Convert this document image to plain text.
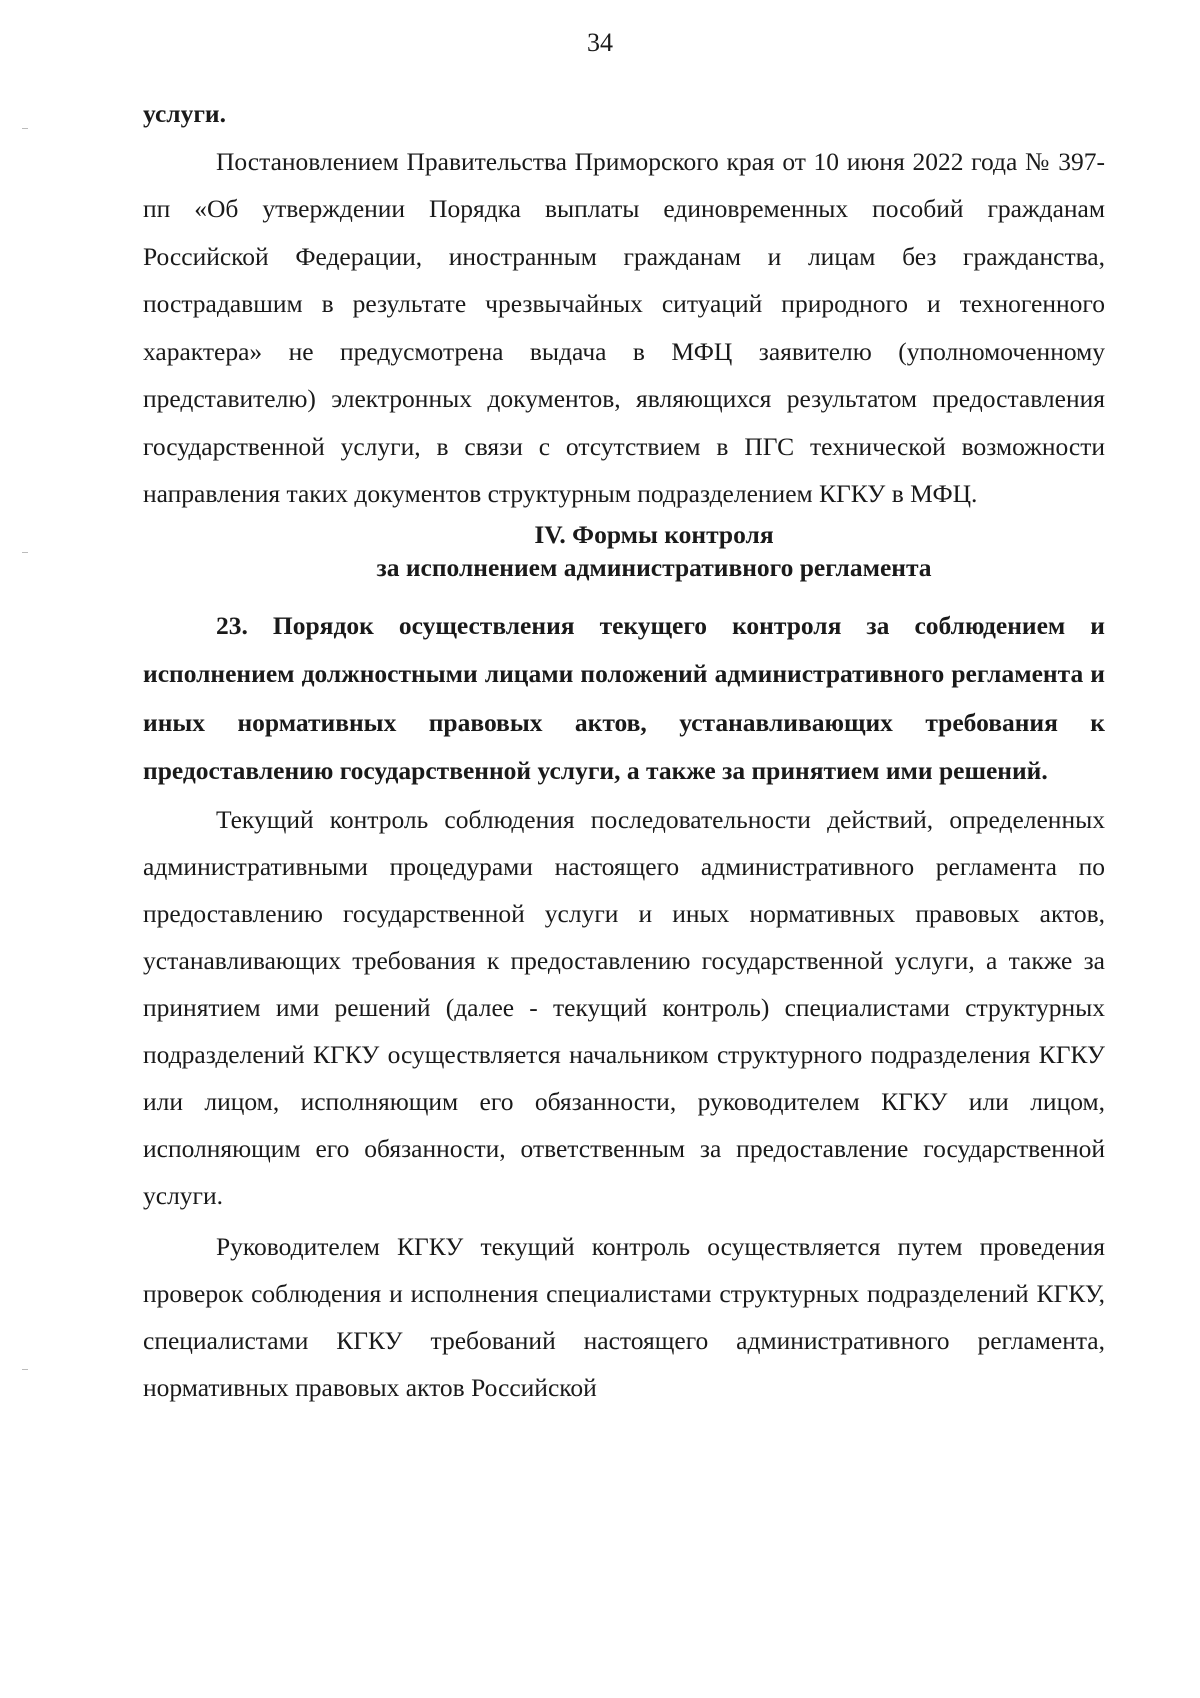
34

услуги.

Постановлением Правительства Приморского края от 10 июня 2022 года № 397-пп «Об утверждении Порядка выплаты единовременных пособий гражданам Российской Федерации, иностранным гражданам и лицам без гражданства, пострадавшим в результате чрезвычайных ситуаций природного и техногенного характера» не предусмотрена выдача в МФЦ заявителю (уполномоченному представителю) электронных документов, являющихся результатом предоставления государственной услуги, в связи с отсутствием в ПГС технической возможности направления таких документов структурным подразделением КГКУ в МФЦ.

IV. Формы контроля

за исполнением административного регламента

23. Порядок осуществления текущего контроля за соблюдением и исполнением должностными лицами положений административного регламента и иных нормативных правовых актов, устанавливающих требования к предоставлению государственной услуги, а также за принятием ими решений.

Текущий контроль соблюдения последовательности действий, определенных административными процедурами настоящего административного регламента по предоставлению государственной услуги и иных нормативных правовых актов, устанавливающих требования к предоставлению государственной услуги, а также за принятием ими решений (далее - текущий контроль) специалистами структурных подразделений КГКУ осуществляется начальником структурного подразделения КГКУ или лицом, исполняющим его обязанности, руководителем КГКУ или лицом, исполняющим его обязанности, ответственным за предоставление государственной услуги.

Руководителем КГКУ текущий контроль осуществляется путем проведения проверок соблюдения и исполнения специалистами структурных подразделений КГКУ, специалистами КГКУ требований настоящего административного регламента, нормативных правовых актов Российской
